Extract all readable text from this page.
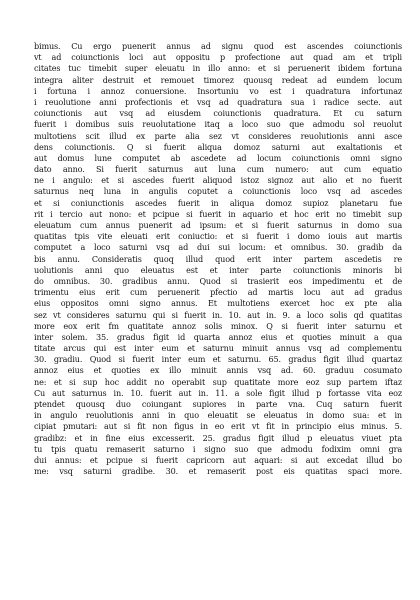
bimus. Cu ergo puenerit annus ad signu quod est ascendes coiunctionis
vt ad coiunctionis loci aut oppositu p profectione aut quad am et tripli
citates tuc timebit super eleuatu in illo anno: et si peruenerit ibidem fortuna
integra aliter destruit et remouet timorez quousq redeat ad eundem locum
i fortuna i annoz conuersione. Insortuniu vo est i quadratura infortunaz
i reuolutione anni profectionis et vsq ad quadratura sua i radice secte. aut
coiunctionis aut vsq ad eiusdem coiunctionis quadratura. Et cu saturn
fuerit i domibus suis reuolutatione itaq a loco suo que admodu sol reuolut
multotiens scit illud ex parte alia sez vt consideres reuolutionis anni asce
dens coiunctionis. Q si fuerit aliqua domoz saturni aut exaltationis et
aut domus lune computet ab ascedete ad locum coiunctionis omni signo
dato anno. Si fuerit saturnus aut luna cum numero: aut cum equatio
ne i angulo: et si ascedes fuerit aliquod istoz signoz aut alio et no fuerit
saturnus neq luna in angulis coputet a coiunctionis loco vsq ad ascedes
et si coniunctionis ascedes fuerit in aliqua domoz supioz planetaru fue
rit i tercio aut nono: et pcipue si fuerit in aquario et hoc erit no timebit sup
eleuatum cum annus puenerit ad ipsum: et si fuerit saturnus in domo sua
quatitas tpis vite eleuati erit coniuctio: et si fuerit i domo iouis aut martis
computet a loco saturni vsq ad dui sui locum: et omnibus. 30. gradib da
bis annu. Consideratis quoq illud quod erit inter partem ascedetis re
uolutionis anni quo eleuatus est et inter parte coiunctionis minoris bi
do omnibus. 30. gradibus annu. Quod si trasierit eos impedimentu et de
trimentu eius erit cum peruenerit pfectio ad martis locu aut ad gradus
eius oppositos omni signo annus. Et multotiens exercet hoc ex pte alia
sez vt consideres saturnu qui si fuerit in. 10. aut in. 9. a loco solis qd quatitas
more eox erit fm quatitate annoz solis minox. Q si fuerit inter saturnu et
inter solem. 35. gradus figit id quarta annoz eius et quoties minuit a qua
titate arcus qui est inter eum et saturnu minuit annus vsq ad complementu
30. gradiu. Quod si fuerit inter eum et saturnu. 65. gradus figit illud quartaz
annoz eius et quoties ex illo minuit annis vsq ad. 60. graduu cosumato
ne: et si sup hoc addit no operabit sup quatitate more eoz sup partem iftaz
Cu aut saturnus in. 10. fuerit aut in. 11. a sole figit illud p fortasse vita eoz
ptendet quousq duo coiungant supiores in parte vna. Cuq saturn fuerit
in angulo reuolutionis anni in quo eleuatit se eleuatus in domo sua: et in
cipiat pmutari: aut si fit non figus in eo erit vt fit in principio eius minus. 5.
gradibz: et in fine eius excesserit. 25. gradus figit illud p eleuatus viuet pta
tu tpis quatu remaserit saturno i signo suo que admodu fodixim omni gra
dui annus: et pcipue si fuerit capricorn aut aquari: si aut excedat illud bo
me: vsq saturni gradibe. 30. et remaserit post eis quatitas spaci more.
